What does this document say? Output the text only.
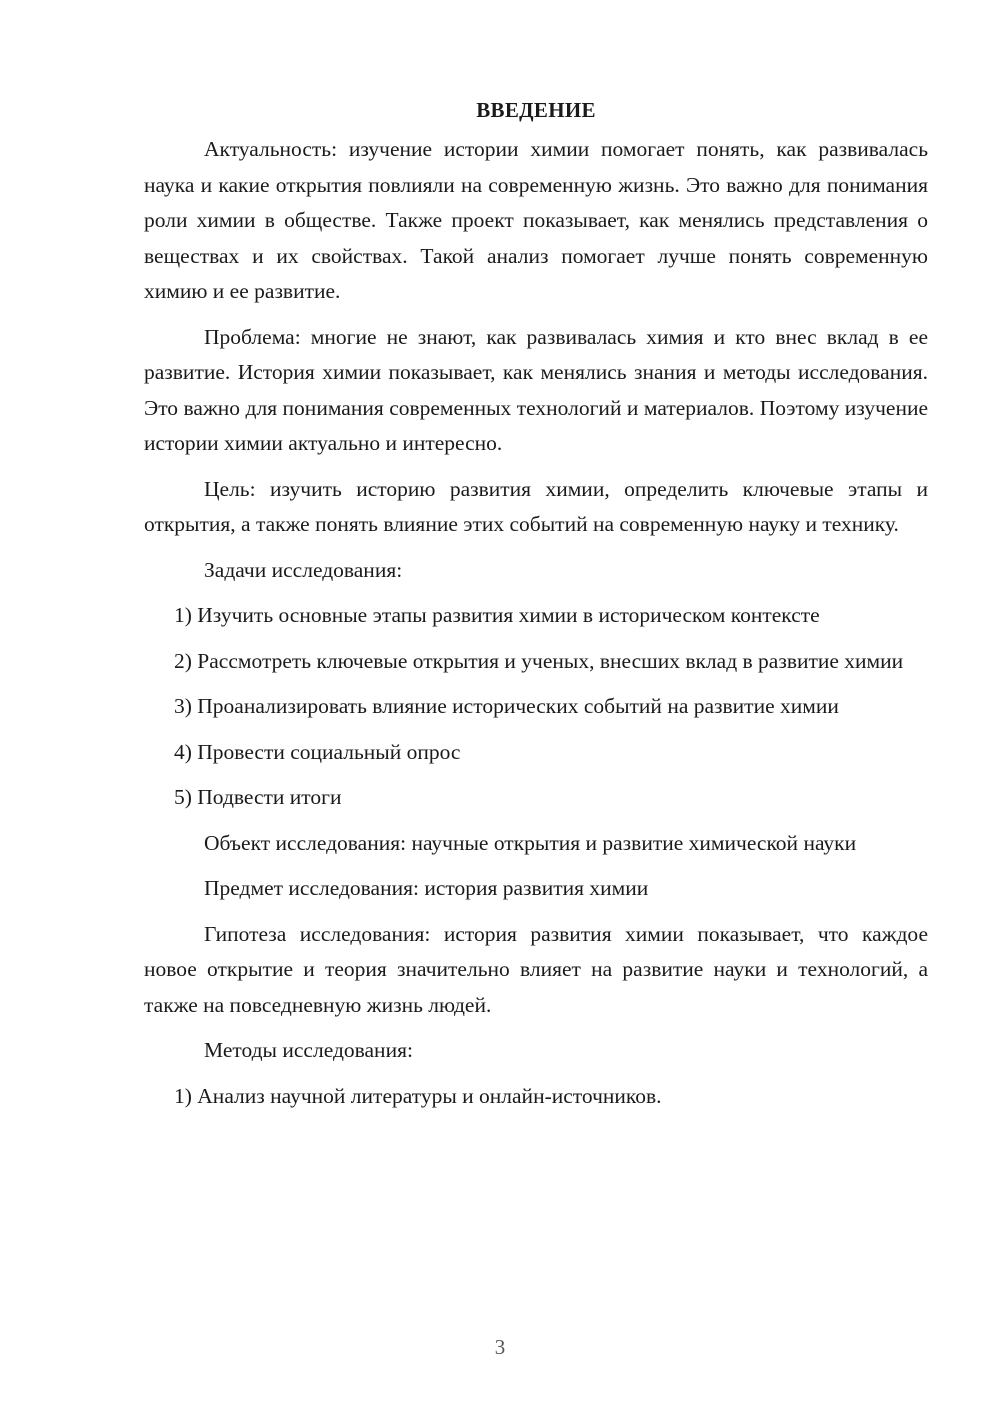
ВВЕДЕНИЕ

Актуальность: изучение истории химии помогает понять, как развивалась наука и какие открытия повлияли на современную жизнь. Это важно для понимания роли химии в обществе. Также проект показывает, как менялись представления о веществах и их свойствах. Такой анализ помогает лучше понять современную химию и ее развитие.

Проблема: многие не знают, как развивалась химия и кто внес вклад в ее развитие. История химии показывает, как менялись знания и методы исследования. Это важно для понимания современных технологий и материалов. Поэтому изучение истории химии актуально и интересно.

Цель: изучить историю развития химии, определить ключевые этапы и открытия, а также понять влияние этих событий на современную науку и технику.

Задачи исследования:

1) Изучить основные этапы развития химии в историческом контексте

2) Рассмотреть ключевые открытия и ученых, внесших вклад в развитие химии

3) Проанализировать влияние исторических событий на развитие химии

4) Провести социальный опрос

5) Подвести итоги

Объект исследования: научные открытия и развитие химической науки

Предмет исследования: история развития химии

Гипотеза исследования: история развития химии показывает, что каждое новое открытие и теория значительно влияет на развитие науки и технологий, а также на повседневную жизнь людей.

Методы исследования:

1) Анализ научной литературы и онлайн-источников.

3
